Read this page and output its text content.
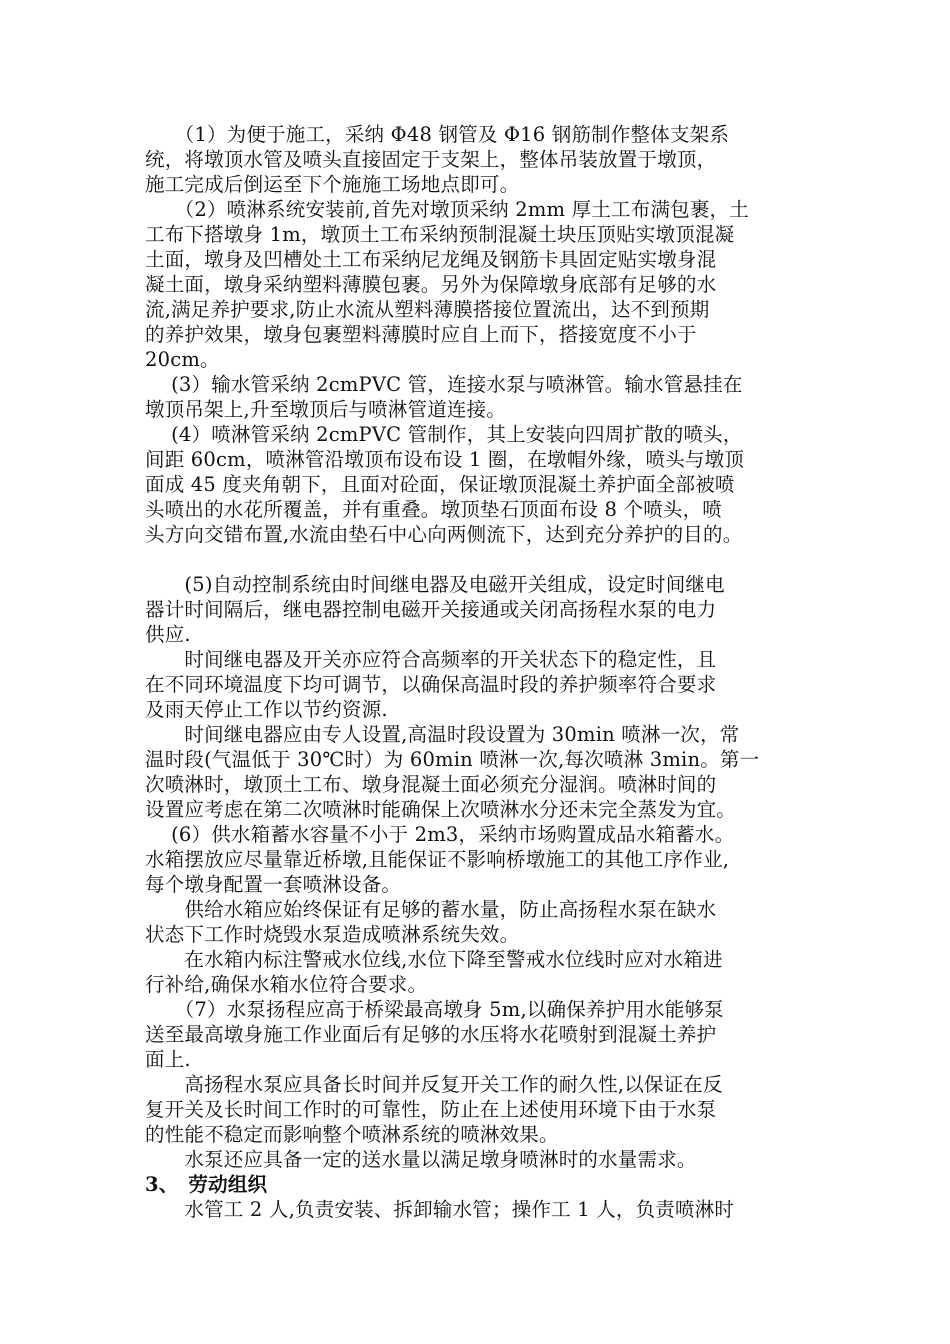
　　（1）为便于施工，采纳 Φ48 钢管及 Φ16 钢筋制作整体支架系
统，将墩顶水管及喷头直接固定于支架上，整体吊装放置于墩顶，
施工完成后倒运至下个施施工场地点即可。
　　（2）喷淋系统安装前,首先对墩顶采纳 2mm 厚土工布满包裹，土
工布下搭墩身 1m，墩顶土工布采纳预制混凝土块压顶贴实墩顶混凝
土面，墩身及凹槽处土工布采纳尼龙绳及钢筋卡具固定贴实墩身混
凝土面，墩身采纳塑料薄膜包裹。另外为保障墩身底部有足够的水
流,满足养护要求,防止水流从塑料薄膜搭接位置流出，达不到预期
的养护效果，墩身包裹塑料薄膜时应自上而下，搭接宽度不小于
20cm。
　 (3）输水管采纳 2cmPVC 管，连接水泵与喷淋管。输水管悬挂在
墩顶吊架上,升至墩顶后与喷淋管道连接。
　 (4）喷淋管采纳 2cmPVC 管制作，其上安装向四周扩散的喷头，
间距 60cm，喷淋管沿墩顶布设布设 1 圈，在墩帽外缘，喷头与墩顶
面成 45 度夹角朝下，且面对砼面，保证墩顶混凝土养护面全部被喷
头喷出的水花所覆盖，并有重叠。墩顶垫石顶面布设 8 个喷头，喷
头方向交错布置,水流由垫石中心向两侧流下，达到充分养护的目的。
　　(5)自动控制系统由时间继电器及电磁开关组成，设定时间继电
器计时间隔后，继电器控制电磁开关接通或关闭高扬程水泵的电力
供应.
　　时间继电器及开关亦应符合高频率的开关状态下的稳定性，且
在不同环境温度下均可调节，以确保高温时段的养护频率符合要求
及雨天停止工作以节约资源.
　　时间继电器应由专人设置,高温时段设置为 30min 喷淋一次，常
温时段(气温低于 30℃时）为 60min 喷淋一次,每次喷淋 3min。第一
次喷淋时，墩顶土工布、墩身混凝土面必须充分湿润。喷淋时间的
设置应考虑在第二次喷淋时能确保上次喷淋水分还未完全蒸发为宜。
　 (6）供水箱蓄水容量不小于 2m3，采纳市场购置成品水箱蓄水。
水箱摆放应尽量靠近桥墩,且能保证不影响桥墩施工的其他工序作业,
每个墩身配置一套喷淋设备。
　　供给水箱应始终保证有足够的蓄水量，防止高扬程水泵在缺水
状态下工作时烧毁水泵造成喷淋系统失效。
　　在水箱内标注警戒水位线,水位下降至警戒水位线时应对水箱进
行补给,确保水箱水位符合要求。
　　（7）水泵扬程应高于桥梁最高墩身 5m,以确保养护用水能够泵
送至最高墩身施工作业面后有足够的水压将水花喷射到混凝土养护
面上.
　　高扬程水泵应具备长时间并反复开关工作的耐久性,以保证在反
复开关及长时间工作时的可靠性，防止在上述使用环境下由于水泵
的性能不稳定而影响整个喷淋系统的喷淋效果。
　　水泵还应具备一定的送水量以满足墩身喷淋时的水量需求。
3、　劳动组织
　　水管工 2 人,负责安装、拆卸输水管；操作工 1 人，负责喷淋时
